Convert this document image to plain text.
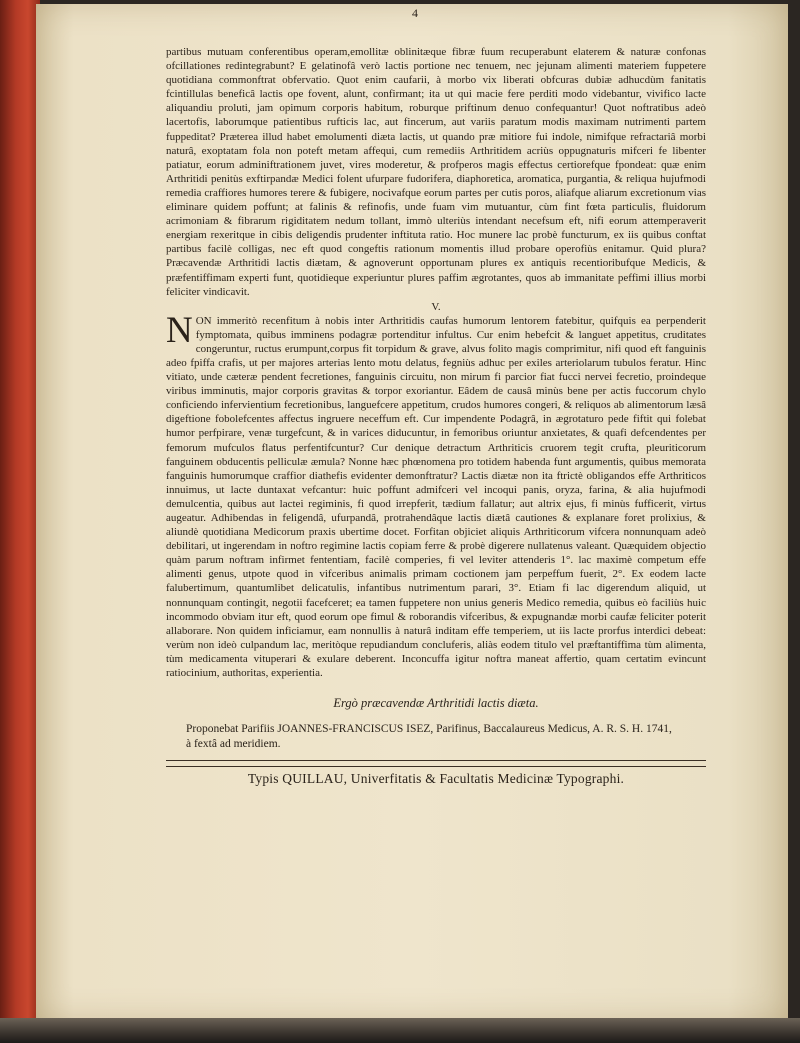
4

partibus mutuam conferentibus operam,emollitæ oblinitæque fibræ fuum recuperabunt elaterem & naturæ confonas ofcillationes redintegrabunt? E gelatinofâ verò lactis portione nec tenuem, nec jejunam alimenti materiem fuppetere quotidiana commonftrat obfervatio. Quot enim caufarii, à morbo vix liberati obfcuras dubiæ adhucdùm fanitatis fcintillulas beneficâ lactis ope fovent, alunt, confirmant; ita ut qui macie fere perditi modo videbantur, vivifico lacte aliquandiu proluti, jam opimum corporis habitum, roburque priftinum denuo confequantur! Quot noftratibus adeò lacertofis, laborumque patientibus rufticis lac, aut fincerum, aut variis paratum modis maximam nutrimenti partem fuppeditat? Præterea illud habet emolumenti diæta lactis, ut quando præ mitiore fui indole, nimifque refractariâ morbi naturâ, exoptatam fola non poteft metam affequi, cum remediis Arthritidem acriùs oppugnaturis mifceri fe libenter patiatur, eorum adminiftrationem juvet, vires moderetur, & profperos magis effectus certiorefque fpondeat: quæ enim Arthritidi penitùs exftirpandæ Medici folent ufurpare fudorifera, diaphoretica, aromatica, purgantia, & reliqua hujufmodi remedia craffiores humores terere & fubigere, nocivafque eorum partes per cutis poros, aliafque aliarum excretionum vias eliminare quidem poffunt; at falinis & refinofis, unde fuam vim mutuantur, cùm fint fœta particulis, fluidorum acrimoniam & fibrarum rigiditatem nedum tollant, immò ulteriùs intendant necefsum eft, nifi eorum attemperaverit energiam rexeritque in cibis deligendis prudenter inftituta ratio. Hoc munere lac probè functurum, ex iis quibus conftat partibus facilè colligas, nec eft quod congeftis rationum momentis illud probare operofiùs enitamur. Quid plura? Præcavendæ Arthritidi lactis diætam, & agnoverunt opportunam plures ex antiquis recentioribufque Medicis, & præfentiffimam experti funt, quotidieque experiuntur plures paffim ægrotantes, quos ab immanitate peffimi illius morbi feliciter vindicavit.

V.

NON immeritò recenfitum à nobis inter Arthritidis caufas humorum lentorem fatebitur, quifquis ea perpenderit fymptomata, quibus imminens podagræ portenditur infultus. Cur enim hebefcit & languet appetitus, cruditates congeruntur, ructus erumpunt,corpus fit torpidum & grave, alvus folito magis comprimitur, nifi quod eft fanguinis adeo fpiffa crafis, ut per majores arterias lento motu delatus, fegniùs adhuc per exiles arteriolarum tubulos feratur. Hinc vitiato, unde cæteræ pendent fecretiones, fanguinis circuitu, non mirum fi parcior fiat fucci nervei fecretio, proindeque viribus imminutis, major corporis gravitas & torpor exoriantur. Eâdem de causâ minùs bene per actis fuccorum chylo conficiendo infervientium fecretionibus, languefcere appetitum, crudos humores congeri, & reliquos ab alimentorum læsâ digeftione fobolefcentes affectus ingruere neceffum eft. Cur impendente Podagrâ, in ægrotaturo pede fiftit qui folebat humor perfpirare, venæ turgefcunt, & in varices diducuntur, in femoribus oriuntur anxietates, & quafi defcendentes per femorum mufculos flatus perfentifcuntur? Cur denique detractum Arthriticis cruorem tegit crufta, pleuriticorum fanguinem obducentis pelliculæ æmula? Nonne hæc phœnomena pro totidem habenda funt argumentis, quibus memorata fanguinis humorumque craffior diathefis evidenter demonftratur? Lactis diætæ non ita ftrictè obligandos effe Arthriticos innuimus, ut lacte duntaxat vefcantur: huic poffunt admifceri vel incoqui panis, oryza, farina, & alia hujufmodi demulcentia, quibus aut lactei regiminis, fi quod irrepferit, tædium fallatur; aut altrix ejus, fi minùs fufficerit, virtus augeatur. Adhibendas in feligendâ, ufurpandâ, protrahendâque lactis diætâ cautiones & explanare foret prolixius, & aliundè quotidiana Medicorum praxis ubertime docet. Forfitan objiciet aliquis Arthriticorum vifcera nonnunquam adeò debilitari, ut ingerendam in noftro regimine lactis copiam ferre & probè digerere nullatenus valeant. Quæquidem objectio quàm parum noftram infirmet fententiam, facilè comperies, fi vel leviter attenderis 1°. lac maximè competum effe alimenti genus, utpote quod in vifceribus animalis primam coctionem jam perpeffum fuerit, 2°. Ex eodem lacte falubertimum, quantumlibet delicatulis, infantibus nutrimentum parari, 3°. Etiam fi lac digerendum aliquid, ut nonnunquam contingit, negotii facefceret; ea tamen fuppetere non unius generis Medico remedia, quibus eò faciliùs huic incommodo obviam itur eft, quod eorum ope fimul & roborandis vifceribus, & expugnandæ morbi caufæ feliciter poterit allaborare. Non quidem inficiamur, eam nonnullis à naturâ inditam effe temperiem, ut iis lacte prorfus interdici debeat: verùm non ideò culpandum lac, meritòque repudiandum concluferis, aliàs eodem titulo vel præftantiffima tùm alimenta, tùm medicamenta vituperari & exulare deberent. Inconcuffa igitur noftra maneat affertio, quam certatim evincunt ratiocinium, authoritas, experientia.

Ergò præcavendæ Arthritidi lactis diæta.

Proponebat Parifiis JOANNES-FRANCISCUS ISEZ, Parifinus, Baccalaureus Medicus, A. R. S. H. 1741, à fextâ ad meridiem.

Typis QUILLAU, Univerfitatis & Facultatis Medicinæ Typographi.
